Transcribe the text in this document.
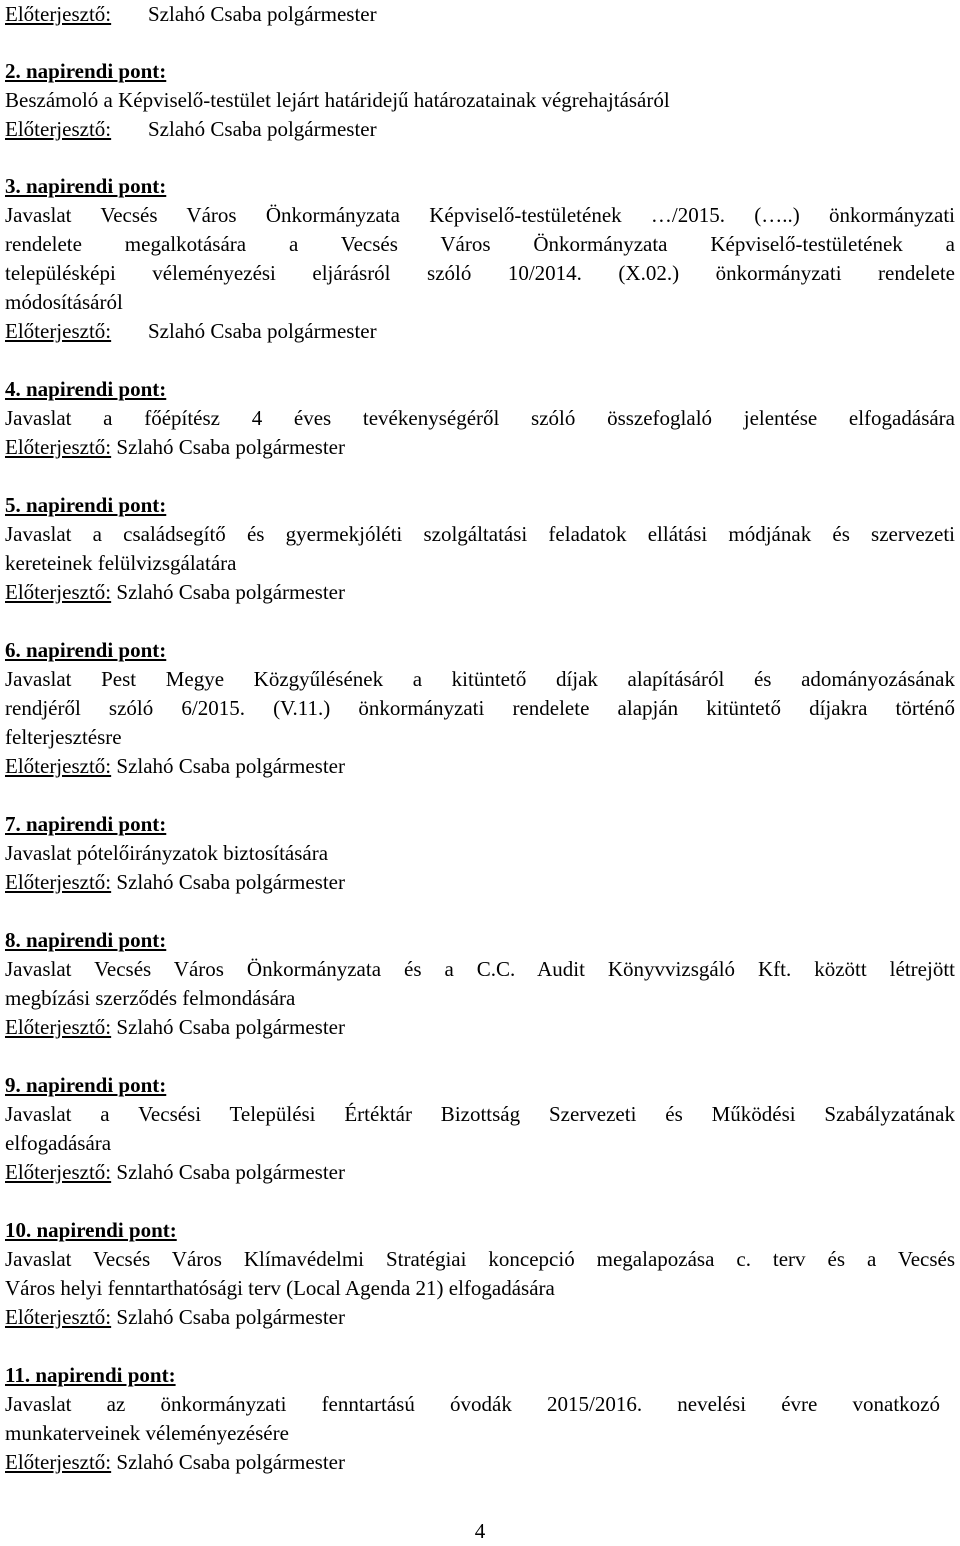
Előterjesztő: Szlahó Csaba polgármester
2. napirendi pont:
Beszámoló a Képviselő-testület lejárt határidejű határozatainak végrehajtásáról
Előterjesztő: Szlahó Csaba polgármester
3. napirendi pont:
Javaslat Vecsés Város Önkormányzata Képviselő-testületének …/2015. (…..) önkormányzati
rendelete megalkotására a Vecsés Város Önkormányzata Képviselő-testületének a
településképi véleményezési eljárásról szóló 10/2014. (X.02.) önkormányzati rendelete
módosításáról
Előterjesztő: Szlahó Csaba polgármester
4. napirendi pont:
Javaslat a főépítész 4 éves tevékenységéről szóló összefoglaló jelentése elfogadására
Előterjesztő: Szlahó Csaba polgármester
5. napirendi pont:
Javaslat a családsegítő és gyermekjóléti szolgáltatási feladatok ellátási módjának és szervezeti
kereteinek felülvizsgálatára
Előterjesztő: Szlahó Csaba polgármester
6. napirendi pont:
Javaslat Pest Megye Közgyűlésének a kitüntető díjak alapításáról és adományozásának
rendjéről szóló 6/2015. (V.11.) önkormányzati rendelete alapján kitüntető díjakra történő
felterjesztésre
Előterjesztő: Szlahó Csaba polgármester
7. napirendi pont:
Javaslat pótelőirányzatok biztosítására
Előterjesztő: Szlahó Csaba polgármester
8. napirendi pont:
Javaslat Vecsés Város Önkormányzata és a C.C. Audit Könyvvizsgáló Kft. között létrejött
megbízási szerződés felmondására
Előterjesztő: Szlahó Csaba polgármester
9. napirendi pont:
Javaslat a Vecsési Települési Értéktár Bizottság Szervezeti és Működési Szabályzatának
elfogadására
Előterjesztő: Szlahó Csaba polgármester
10. napirendi pont:
Javaslat Vecsés Város Klímavédelmi Stratégiai koncepció megalapozása c. terv és a Vecsés
Város helyi fenntarthatósági terv (Local Agenda 21) elfogadására
Előterjesztő: Szlahó Csaba polgármester
11. napirendi pont:
Javaslat az önkormányzati fenntartású óvodák 2015/2016. nevelési évre vonatkozó
munkaterveinek véleményezésére
Előterjesztő: Szlahó Csaba polgármester
4
